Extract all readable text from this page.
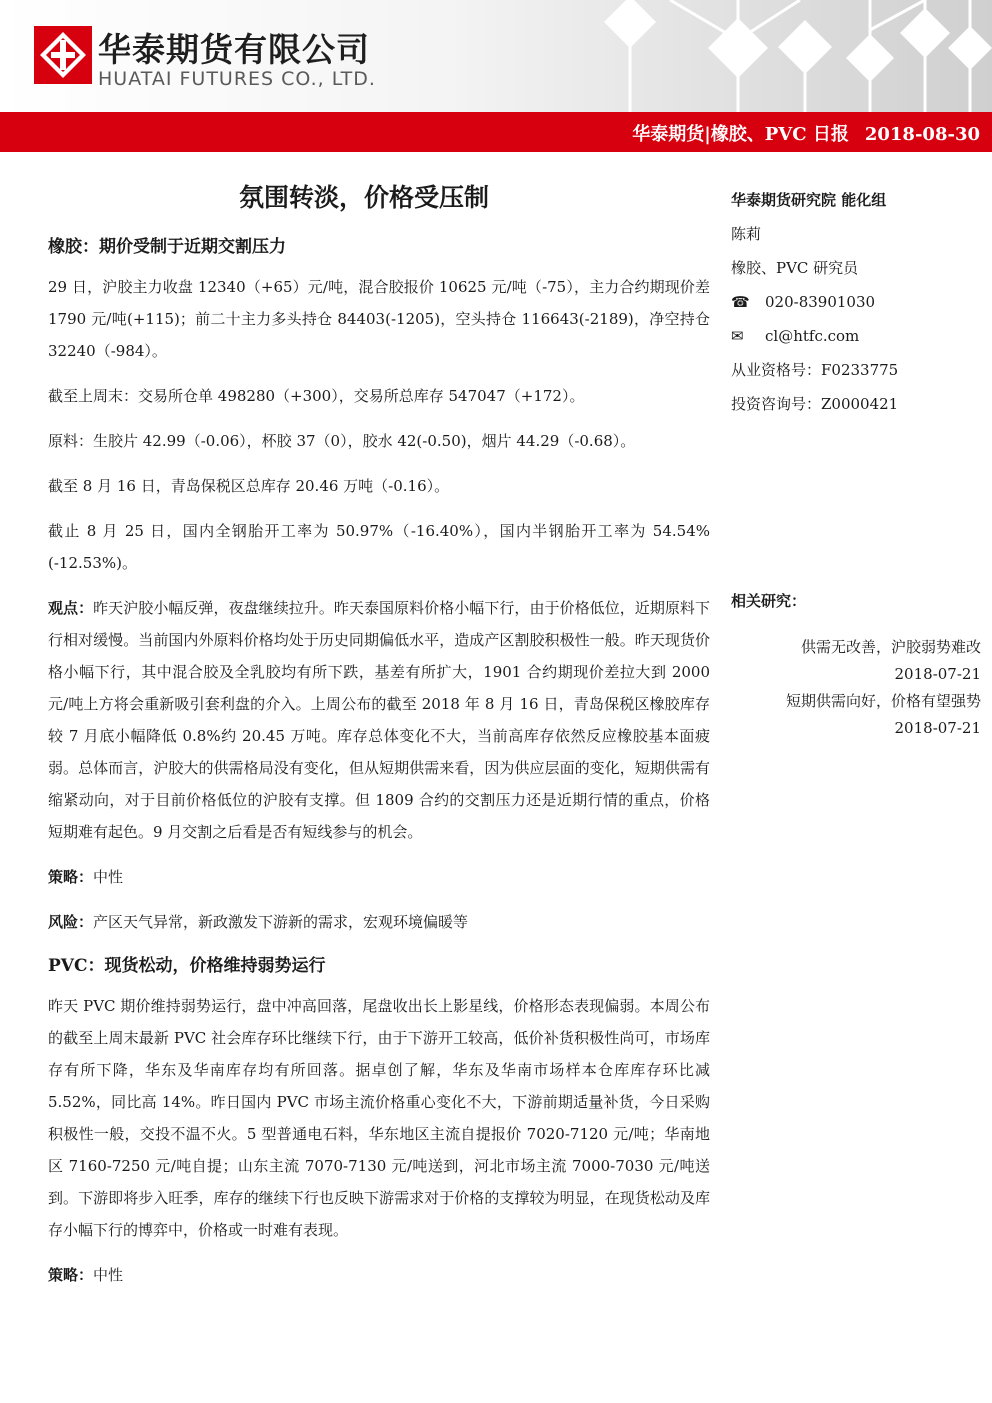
华泰期货有限公司
HUATAI FUTURES CO., LTD.
华泰期货|橡胶、PVC 日报 2018-08-30
氛围转淡，价格受压制
橡胶：期价受制于近期交割压力

29 日，沪胶主力收盘 12340（+65）元/吨，混合胶报价 10625 元/吨（-75），主力合约期现价差 1790 元/吨(+115)；前二十主力多头持仓 84403(-1205)，空头持仓 116643(-2189)，净空持仓 32240（-984）。

截至上周末：交易所仓单 498280（+300），交易所总库存 547047（+172）。

原料：生胶片 42.99（-0.06），杯胶 37（0），胶水 42(-0.50)，烟片 44.29（-0.68）。

截至 8 月 16 日，青岛保税区总库存 20.46 万吨（-0.16）。

截止 8 月 25 日，国内全钢胎开工率为 50.97%（-16.40%），国内半钢胎开工率为 54.54%(-12.53%)。

观点：昨天沪胶小幅反弹，夜盘继续拉升。昨天泰国原料价格小幅下行，由于价格低位，近期原料下行相对缓慢。当前国内外原料价格均处于历史同期偏低水平，造成产区割胶积极性一般。昨天现货价格小幅下行，其中混合胶及全乳胶均有所下跌，基差有所扩大，1901 合约期现价差拉大到 2000 元/吨上方将会重新吸引套利盘的介入。上周公布的截至 2018 年 8 月 16 日，青岛保税区橡胶库存较 7 月底小幅降低 0.8%约 20.45 万吨。库存总体变化不大，当前高库存依然反应橡胶基本面疲弱。总体而言，沪胶大的供需格局没有变化，但从短期供需来看，因为供应层面的变化，短期供需有缩紧动向，对于目前价格低位的沪胶有支撑。但 1809 合约的交割压力还是近期行情的重点，价格短期难有起色。9 月交割之后看是否有短线参与的机会。

策略：中性

风险：产区天气异常，新政激发下游新的需求，宏观环境偏暖等

PVC：现货松动，价格维持弱势运行

昨天 PVC 期价维持弱势运行，盘中冲高回落，尾盘收出长上影星线，价格形态表现偏弱。本周公布的截至上周末最新 PVC 社会库存环比继续下行，由于下游开工较高，低价补货积极性尚可，市场库存有所下降，华东及华南库存均有所回落。据卓创了解，华东及华南市场样本仓库库存环比减 5.52%，同比高 14%。昨日国内 PVC 市场主流价格重心变化不大，下游前期适量补货，今日采购积极性一般，交投不温不火。5 型普通电石料，华东地区主流自提报价 7020-7120 元/吨；华南地区 7160-7250 元/吨自提；山东主流 7070-7130 元/吨送到，河北市场主流 7000-7030 元/吨送到。下游即将步入旺季，库存的继续下行也反映下游需求对于价格的支撑较为明显，在现货松动及库存小幅下行的博弈中，价格或一时难有表现。

策略：中性

华泰期货研究院 能化组
陈莉
橡胶、PVC 研究员
☎ 020-83901030
✉ cl@htfc.com
从业资格号：F0233775
投资咨询号：Z0000421
相关研究：
供需无改善，沪胶弱势难改
2018-07-21
短期供需向好，价格有望强势
2018-07-21
